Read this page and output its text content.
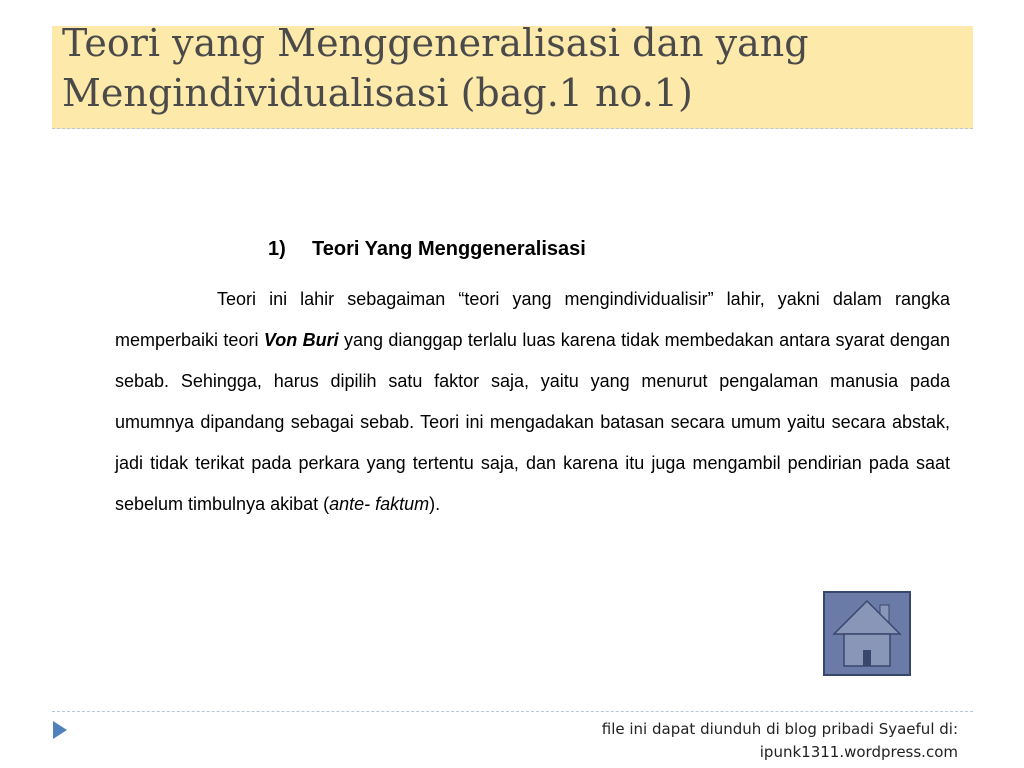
Teori yang Menggeneralisasi dan yang Mengindividualisasi (bag.1 no.1)
1) Teori Yang Menggeneralisasi

Teori ini lahir sebagaiman “teori yang mengindividualisir” lahir, yakni dalam rangka memperbaiki teori Von Buri yang dianggap terlalu luas karena tidak membedakan antara syarat dengan sebab. Sehingga, harus dipilih satu faktor saja, yaitu yang menurut pengalaman manusia pada umumnya dipandang sebagai sebab. Teori ini mengadakan batasan secara umum yaitu secara abstak, jadi tidak terikat pada perkara yang tertentu saja, dan karena itu juga mengambil pendirian pada saat sebelum timbulnya akibat (ante- faktum).

file ini dapat diunduh di blog pribadi Syaeful di:
ipunk1311.wordpress.com
